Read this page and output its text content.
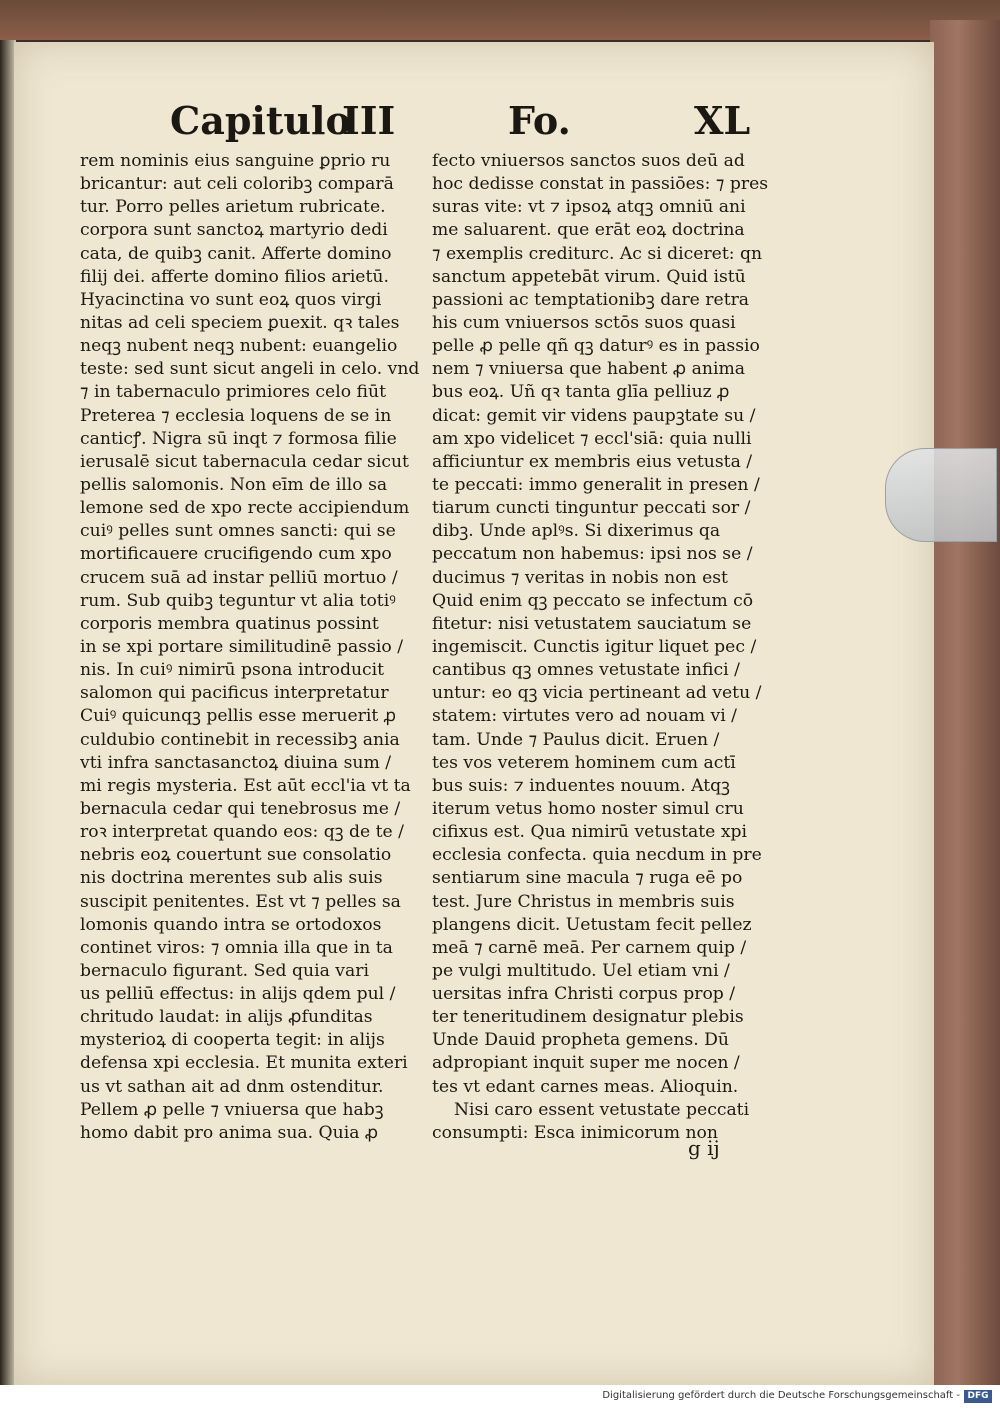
Capitulo
III	Fo.	XL
rem nominis eius sanguine ꝑprio ru
bricantur: aut celi coloribꝫ comparā
tur. Porro pelles arietum rubricate.
corpora sunt sanctoꝝ martyrio dedi
cata, de quibꝫ canit. Afferte domino
filij dei. afferte domino filios arietū.
Hyacinctina vo sunt eoꝝ quos virgi
nitas ad celi speciem ꝑuexit. qꝛ tales
neqꝫ nubent neqꝫ nubent: euangelio
teste: sed sunt sicut angeli in celo. vnd
⁊ in tabernaculo primiores celo fiūt
Preterea ⁊ ecclesia loquens de se in
canticꝭ. Nigra sū inqt ⁊ formosa filie
ierusalē sicut tabernacula cedar sicut
pellis salomonis. Non eīm de illo sa
lemone sed de xpo recte accipiendum
cuiꝰ pelles sunt omnes sancti: qui se
mortificauere crucifigendo cum xpo
crucem suā ad instar pelliū mortuo /
rum. Sub quibꝫ teguntur vt alia totiꝰ
corporis membra quatinus possint
in se xpi portare similitudinē passio /
nis. In cuiꝰ nimirū psona introducit
salomon qui pacificus interpretatur
Cuiꝰ quicunqꝫ pellis esse meruerit ꝓ
culdubio continebit in recessibꝫ ania
vti infra sanctasanctoꝝ diuina sum /
mi regis mysteria. Est aūt eccl'ia vt ta
bernacula cedar qui tenebrosus me /
roꝛ interpretat quando eos: qꝫ de te /
nebris eoꝝ couertunt sue consolatio
nis doctrina merentes sub alis suis
suscipit penitentes. Est vt ⁊ pelles sa
lomonis quando intra se ortodoxos
continet viros: ⁊ omnia illa que in ta
bernaculo figurant. Sed quia vari
us pelliū effectus: in alijs qdem pul /
chritudo laudat: in alijs ꝓfunditas
mysterioꝝ di cooperta tegit: in alijs
defensa xpi ecclesia. Et munita exteri
us vt sathan ait ad dnm ostenditur.
Pellem ꝓ pelle ⁊ vniuersa que habꝫ
homo dabit pro anima sua. Quia ꝓ
fecto vniuersos sanctos suos deū ad
hoc dedisse constat in passiōes: ⁊ pres
suras vite: vt ⁊ ipsoꝝ atqꝫ omniū ani
me saluarent. que erāt eoꝝ doctrina
⁊ exemplis crediturc. Ac si diceret: qn
sanctum appetebāt virum. Quid istū
passioni ac temptationibꝫ dare retra
his cum vniuersos sctōs suos quasi
pelle ꝓ pelle qñ qꝫ daturꝰ es in passio
nem ⁊ vniuersa que habent ꝓ anima
bus eoꝝ. Uñ qꝛ tanta glīa pelliuz ꝓ
dicat: gemit vir videns paupꝫtate su /
am xpo videlicet ⁊ eccl'siā: quia nulli
afficiuntur ex membris eius vetusta /
te peccati: immo generalit in presen /
tiarum cuncti tinguntur peccati sor /
dibꝫ. Unde aplꝰs. Si dixerimus qa
peccatum non habemus: ipsi nos se /
ducimus ⁊ veritas in nobis non est
Quid enim qꝫ peccato se infectum cō
fitetur: nisi vetustatem sauciatum se
ingemiscit. Cunctis igitur liquet pec /
cantibus qꝫ omnes vetustate infici /
untur: eo qꝫ vicia pertineant ad vetu /
statem: virtutes vero ad nouam vi /
tam. Unde ⁊ Paulus dicit. Eruen /
tes vos veterem hominem cum actī
bus suis: ⁊ induentes nouum. Atqꝫ
iterum vetus homo noster simul cru
cifixus est. Qua nimirū vetustate xpi
ecclesia confecta. quia necdum in pre
sentiarum sine macula ⁊ ruga eē po
test. Jure Christus in membris suis
plangens dicit. Uetustam fecit pellez
meā ⁊ carnē meā. Per carnem quip /
pe vulgi multitudo. Uel etiam vni /
uersitas infra Christi corpus prop /
ter teneritudinem designatur plebis
Unde Dauid propheta gemens. Dū
adpropiant inquit super me nocen /
tes vt edant carnes meas. Alioquin.
Nisi caro essent vetustate peccati
consumpti: Esca inimicorum non
g ij
Digitalisierung gefördert durch die Deutsche Forschungsgemeinschaft - DFG
